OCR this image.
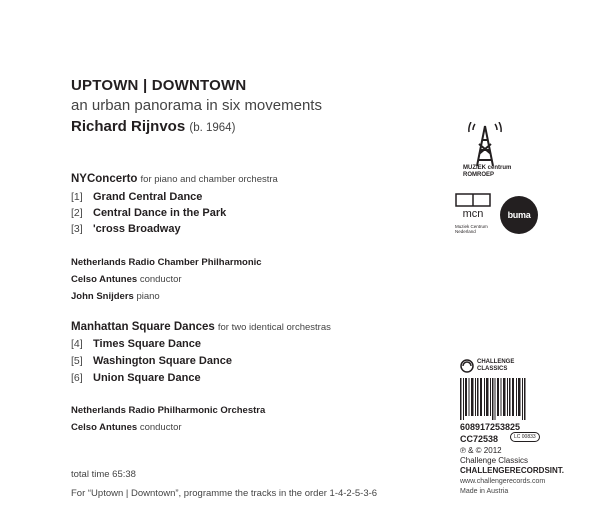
UPTOWN | DOWNTOWN
an urban panorama in six movements
Richard Rijnvos (b. 1964)
NYConcerto for piano and chamber orchestra
[1] Grand Central Dance
[2] Central Dance in the Park
[3] 'cross Broadway
Netherlands Radio Chamber Philharmonic
Celso Antunes conductor
John Snijders piano
Manhattan Square Dances for two identical orchestras
[4] Times Square Dance
[5] Washington Square Dance
[6] Union Square Dance
Netherlands Radio Philharmonic Orchestra
Celso Antunes conductor
total time 65:38
For “Uptown | Downtown”, programme the tracks in the order 1-4-2-5-3-6
MUZIEK centrum ROMROEP
mcn
Muziek Centrum Nederland
buma cultuur
CHALLENGE CLASSICS
608917253825
CC72538	LC 00833
℗ & © 2012
Challenge Classics
CHALLENGERECORDSINT.
www.challengerecords.com
Made in Austria
